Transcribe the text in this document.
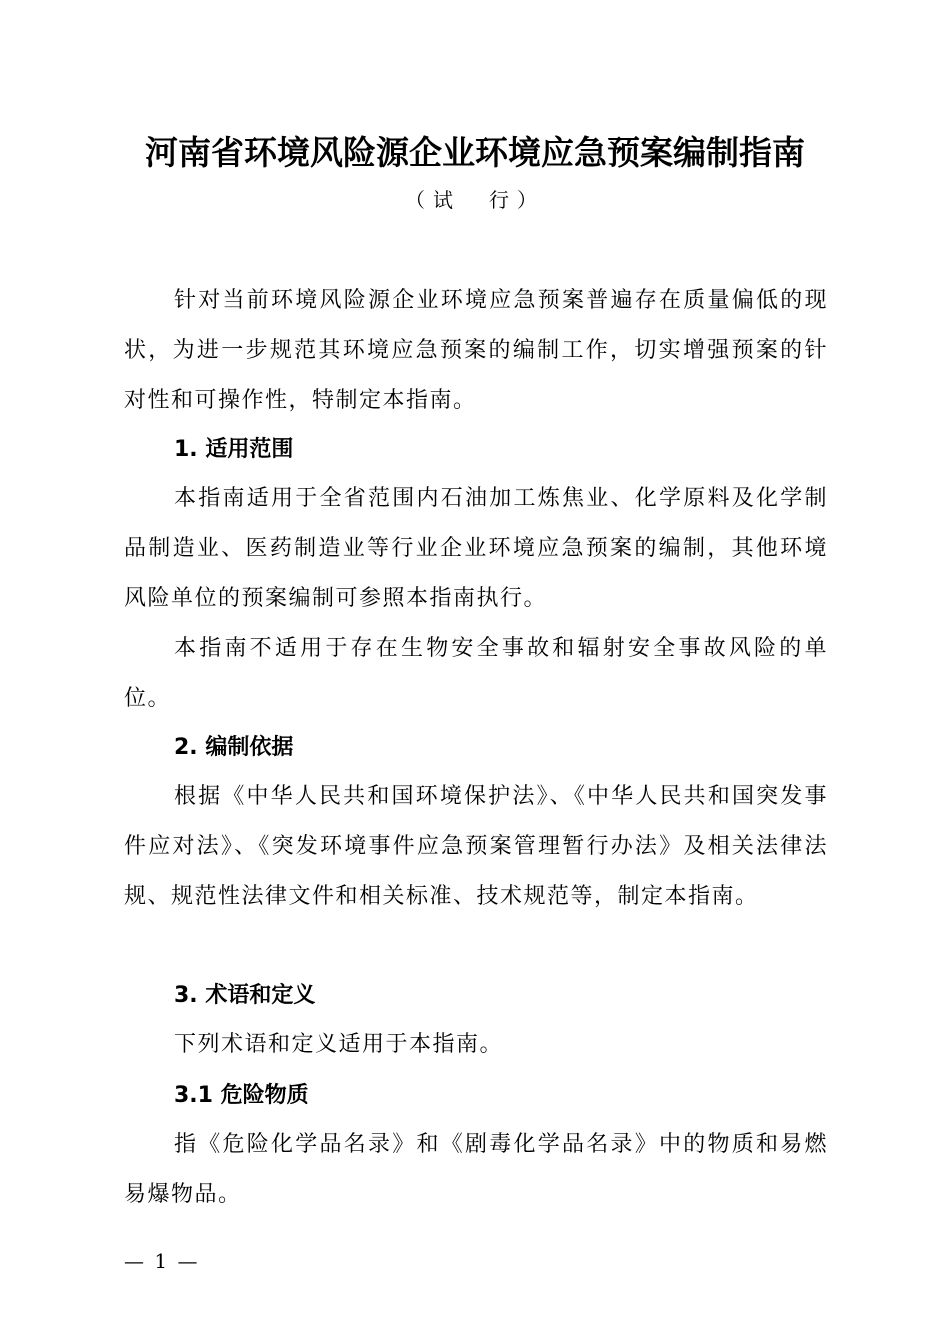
河南省环境风险源企业环境应急预案编制指南
（试　行）
针对当前环境风险源企业环境应急预案普遍存在质量偏低的现状，为进一步规范其环境应急预案的编制工作，切实增强预案的针对性和可操作性，特制定本指南。
1. 适用范围
本指南适用于全省范围内石油加工炼焦业、化学原料及化学制品制造业、医药制造业等行业企业环境应急预案的编制，其他环境风险单位的预案编制可参照本指南执行。
本指南不适用于存在生物安全事故和辐射安全事故风险的单位。
2. 编制依据
根据《中华人民共和国环境保护法》、《中华人民共和国突发事件应对法》、《突发环境事件应急预案管理暂行办法》及相关法律法规、规范性法律文件和相关标准、技术规范等，制定本指南。
3. 术语和定义
下列术语和定义适用于本指南。
3.1 危险物质
指《危险化学品名录》和《剧毒化学品名录》中的物质和易燃易爆物品。
— 1 —
